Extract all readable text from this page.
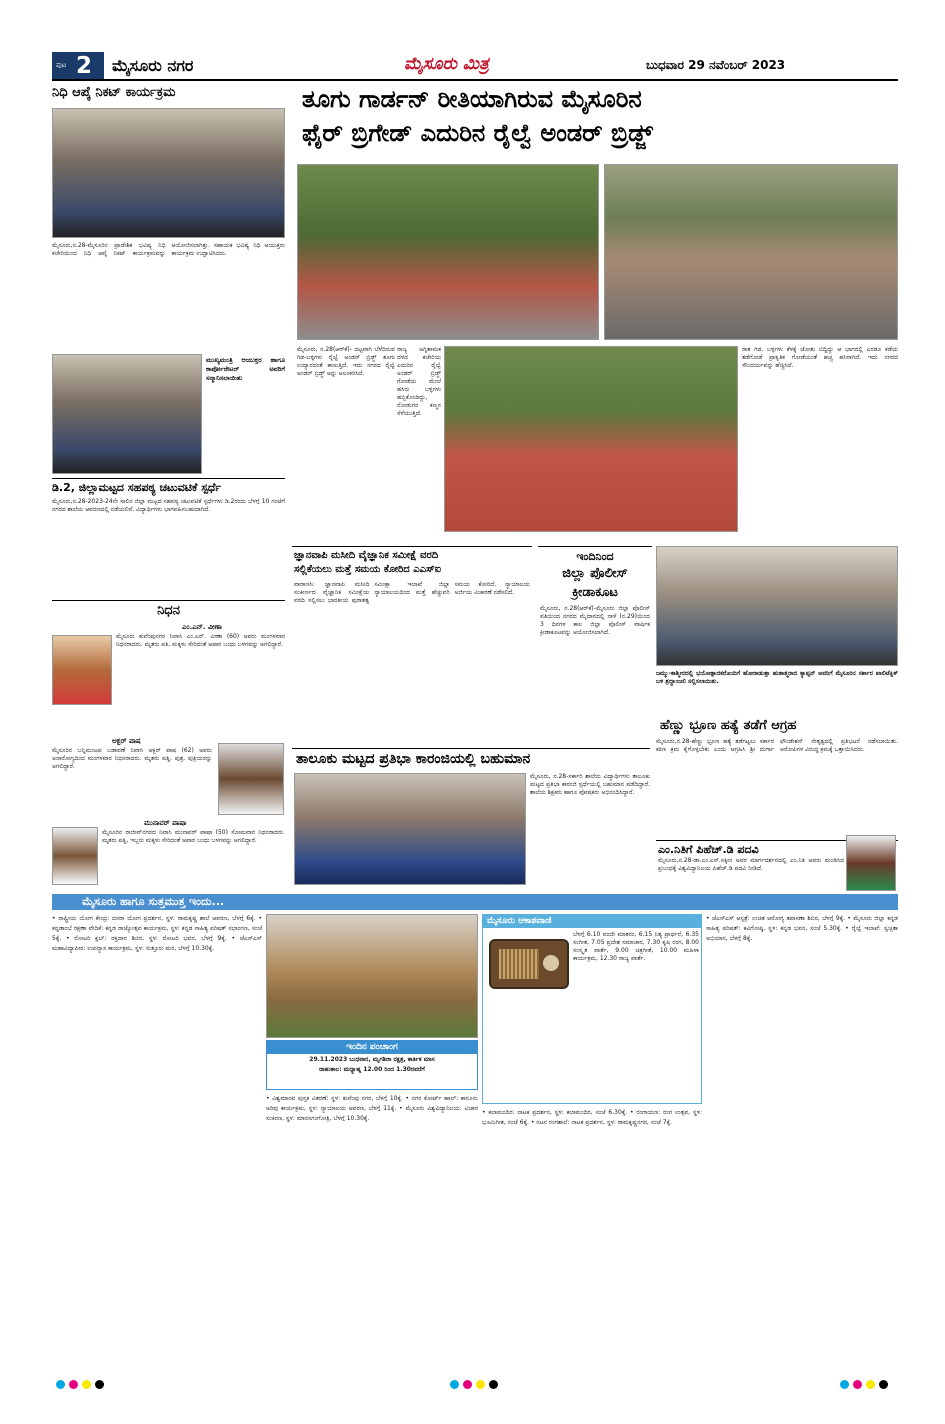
ಪುಟ 2 ಮೈಸೂರು ನಗರ	ಮೈಸೂರು ಮಿತ್ರ	ಬುಧವಾರ 29 ನವೆಂಬರ್ 2023
ನಿಧಿ ಆಪ್ಕೆ ನಿಕಟ್ ಕಾರ್ಯಕ್ರಮ
ಮೈಸೂರು,ನ.28-ಮೈಸೂರಿನ ಪ್ರಾದೇಶಿಕ ಭವಿಷ್ಯ ನಿಧಿ ಕಚೇರಿಯಿಂದ ನಿಧಿ ಆಪ್ಕೆ ನಿಕಟ್ ಕಾರ್ಯಕ್ರಮವನ್ನು ಆಯೋಜಿಸಲಾಗಿತ್ತು. ಸಹಾಯಕ ಭವಿಷ್ಯ ನಿಧಿ ಆಯುಕ್ತರು ಕಾರ್ಯಕ್ರಮ ಉದ್ಘಾಟಿಸಿದರು.
ಮುಖ್ಯಮಂತ್ರಿ ಆಯುಕ್ತರ ಹಾಗೂ ಕಾರ್ಪೋರೇಟರ್ ಅವರಿಗೆ ಸನ್ಮಾನಿಸಲಾಯಿತು
ಡಿ.2, ಜಿಲ್ಲಾಮಟ್ಟದ ಸಹಪಠ್ಯ ಚಟುವಟಿಕೆ ಸ್ಪರ್ಧೆ
ಮೈಸೂರು,ನ.28-2023-24ನೇ ಸಾಲಿನ ಜಿಲ್ಲಾ ಮಟ್ಟದ ಸಹಪಠ್ಯ ಚಟುವಟಿಕೆ ಸ್ಪರ್ಧೆಗಳು ಡಿ.2ರಂದು ಬೆಳಗ್ಗೆ 10 ಗಂಟೆಗೆ ನಗರದ ಶಾಲೆಯ ಆವರಣದಲ್ಲಿ ನಡೆಯಲಿವೆ. ವಿದ್ಯಾರ್ಥಿಗಳು ಭಾಗವಹಿಸಬಹುದಾಗಿದೆ.
ನಿಧನ
ಎಂ.ಎನ್. ವೀಣಾ
ಮೈಸೂರು ಕುವೆಂಪುನಗರ ನಿವಾಸಿ ಎಂ.ಎನ್. ವೀಣಾ (60) ಅವರು ಮಂಗಳವಾರ ನಿಧನರಾದರು. ಮೃತರು ಪತಿ, ಮಕ್ಕಳು ಸೇರಿದಂತೆ ಅಪಾರ ಬಂಧು ಬಳಗವನ್ನು ಅಗಲಿದ್ದಾರೆ.
ಅಕ್ಬರ್ ಪಾಷ
ಮೈಸೂರಿನ ಬನ್ನಿಮಂಟಪ ಬಡಾವಣೆ ನಿವಾಸಿ ಅಕ್ಬರ್ ಪಾಷ (62) ಅವರು ಅನಾರೋಗ್ಯದಿಂದ ಮಂಗಳವಾರ ನಿಧನರಾದರು. ಮೃತರು ಪತ್ನಿ, ಪುತ್ರ, ಪುತ್ರಿಯರನ್ನು ಅಗಲಿದ್ದಾರೆ.
ಮುನಾವರ್ ಪಾಷಾ
ಮೈಸೂರಿನ ರಾಜೀವ್‌ನಗರದ ನಿವಾಸಿ ಮುನಾವರ್ ಪಾಷಾ (50) ಸೋಮವಾರ ನಿಧನರಾದರು. ಮೃತರು ಪತ್ನಿ, ಇಬ್ಬರು ಮಕ್ಕಳು ಸೇರಿದಂತೆ ಅಪಾರ ಬಂಧು ಬಳಗವನ್ನು ಅಗಲಿದ್ದಾರೆ.
ತೂಗು ಗಾರ್ಡನ್ ರೀತಿಯಾಗಿರುವ ಮೈಸೂರಿನ
ಫೈರ್ ಬ್ರಿಗೇಡ್ ಎದುರಿನ ರೈಲ್ವೆ ಅಂಡರ್ ಬ್ರಿಡ್ಜ್
ಮೈಸೂರು, ನ.28(ಆರ್‌ಕೆ)- ದಟ್ಟವಾಗಿ ಬೆಳೆದಿರುವ ಗಿಡ-ಬಳ್ಳಿಗಳು ರೈಲ್ವೆ ಅಂಡರ್ ಬ್ರಿಡ್ಜ್ ತೂಗು ಉದ್ಯಾನದಂತೆ ಕಾಣುತ್ತಿದೆ. ಇದು ನಗರದ ರೈಲ್ವೆ ಅಂಡರ್ ಬ್ರಿಡ್ಜ್ ಅನ್ನು ಅಲಂಕರಿಸಿದೆ.
ರಾಜ್ಯ ಅಗ್ನಿಶಾಮಕ ದಳದ ಕಚೇರಿಯ ಎದುರಿನ ರೈಲ್ವೆ ಅಂಡರ್ ಬ್ರಿಡ್ಜ್ ಗೋಡೆಯ ಮೇಲೆ ಹಸಿರು ಬಳ್ಳಿಗಳು ಹಬ್ಬಿಕೊಂಡಿದ್ದು, ನೋಡುಗರ ಕಣ್ಮನ ಸೆಳೆಯುತ್ತಿದೆ.
ರಾತ ಗಿಡ, ಬಳ್ಳಿಗಳು ಕೆಳಕ್ಕೆ ಜೋತು ಬಿದ್ದಿದ್ದು ಆ ಭಾಗದಲ್ಲಿ ಎರಡೂ ಕಡೆಯ ತಡೆಗೋಡೆ ಪ್ರಾಕೃತಿಕ ಗೋಡೆಯಂತೆ ಹಚ್ಚ ಹಸಿರಾಗಿದೆ. ಇದು ನಗರದ ಸೌಂದರ್ಯವನ್ನು ಹೆಚ್ಚಿಸಿದೆ.
ಜ್ಞಾನವಾಪಿ ಮಸೀದಿ ವೈಜ್ಞಾನಿಕ ಸಮೀಕ್ಷೆ ವರದಿ
ಸಲ್ಲಿಕೆಯಲು ಮತ್ತೆ ಸಮಯ ಕೋರಿದ ಎಎಸ್‌ಐ
ವಾರಾಣಸಿ: ಜ್ಞಾನವಾಪಿ ಮಸೀದಿ ಸಂಕೀರ್ಣದ ವೈಜ್ಞಾನಿಕ ಸಮೀಕ್ಷೆಯ ವರದಿ ಸಲ್ಲಿಸಲು ಭಾರತೀಯ ಪುರಾತತ್ವ ಸಮೀಕ್ಷಾ ಇಲಾಖೆ ಜಿಲ್ಲಾ ನ್ಯಾಯಾಲಯದಿಂದ ಮತ್ತೆ ಹೆಚ್ಚುವರಿ ಸಮಯ ಕೋರಿದೆ. ನ್ಯಾಯಾಲಯ ಅರ್ಜಿಯ ವಿಚಾರಣೆ ನಡೆಸಲಿದೆ.
ಇಂದಿನಿಂದ
ಜಿಲ್ಲಾ ಪೊಲೀಸ್
ಕ್ರೀಡಾಕೂಟ
ಮೈಸೂರು, ನ.28(ಆರ್‌ಕೆ)-ಮೈಸೂರು ಜಿಲ್ಲಾ ಪೊಲೀಸ್ ವತಿಯಿಂದ ನಗರದ ಮೈದಾನದಲ್ಲಿ ನಾಳೆ (ನ.29)ಯಿಂದ 3 ದಿನಗಳ ಕಾಲ ಜಿಲ್ಲಾ ಪೊಲೀಸ್ ವಾರ್ಷಿಕ ಕ್ರೀಡಾಕೂಟವನ್ನು ಆಯೋಜಿಸಲಾಗಿದೆ.
ಜಮ್ಮು-ಕಾಶ್ಮೀರದಲ್ಲಿ ಭಯೋತ್ಪಾದಕರೊಂದಿಗೆ ಹೋರಾಡುತ್ತಾ ಹುತಾತ್ಮರಾದ ಕ್ಯಾಪ್ಟನ್ ಅವರಿಗೆ ಮೈಸೂರಿನ ಸರ್ಕಾರ ಪಾಲಿಟೆಕ್ನಿಕ್ ಬಳಿ ಶ್ರದ್ಧಾಂಜಲಿ ಸಲ್ಲಿಸಲಾಯಿತು.
ಹೆಣ್ಣು ಭ್ರೂಣ ಹತ್ಯೆ ತಡೆಗೆ ಆಗ್ರಹ
ಮೈಸೂರು,ನ.28-ಹೆಣ್ಣು ಭ್ರೂಣ ಹತ್ಯೆ ತಡೆಗಟ್ಟಲು ಸರ್ಕಾರ ಕಠಿಣ ಕ್ರಮ ಕೈಗೊಳ್ಳಬೇಕು ಎಂದು ಆಗ್ರಹಿಸಿ ಶ್ರೀ ದುರ್ಗಾ ಫೌಂಡೇಶನ್ ನೇತೃತ್ವದಲ್ಲಿ ಪ್ರತಿಭಟನೆ ನಡೆಸಲಾಯಿತು. ಆರೋಪಿಗಳ ವಿರುದ್ಧ ಕ್ರಮಕ್ಕೆ ಒತ್ತಾಯಿಸಿದರು.
ತಾಲೂಕು ಮಟ್ಟದ ಪ್ರತಿಭಾ ಕಾರಂಜಿಯಲ್ಲಿ ಬಹುಮಾನ
ಮೈಸೂರು, ನ.28-ಸರ್ಕಾರಿ ಶಾಲೆಯ ವಿದ್ಯಾರ್ಥಿಗಳು ತಾಲೂಕು ಮಟ್ಟದ ಪ್ರತಿಭಾ ಕಾರಂಜಿ ಸ್ಪರ್ಧೆಯಲ್ಲಿ ಬಹುಮಾನ ಪಡೆದಿದ್ದಾರೆ. ಶಾಲೆಯ ಶಿಕ್ಷಕರು ಹಾಗೂ ಪೋಷಕರು ಅಭಿನಂದಿಸಿದ್ದಾರೆ.
ಎಂ.ನಿತಿಗೆ ಪಿಹೆಚ್.ಡಿ ಪದವಿ
ಮೈಸೂರು,ನ.28-ಡಾ.ಎಂ.ಎಸ್.ಸಕ್ಕೀನ ಅವರ ಮಾರ್ಗದರ್ಶನದಲ್ಲಿ ಎಂ.ನಿತಿ ಅವರು ಮಂಡಿಸಿದ ಪ್ರಬಂಧಕ್ಕೆ ವಿಶ್ವವಿದ್ಯಾನಿಲಯ ಪಿಹೆಚ್.ಡಿ ಪದವಿ ನೀಡಿದೆ.
ಮೈಸೂರು ಹಾಗೂ ಸುತ್ತಮುತ್ತ ಇಂದು...
• ರಾಷ್ಟ್ರೀಯ ಯೋಗ ಕೇಂದ್ರ: ದಸರಾ ಯೋಗ ಪ್ರದರ್ಶನ, ಸ್ಥಳ: ರಾಮಕೃಷ್ಣ ಶಾಲೆ ಆವರಣ, ಬೆಳಗ್ಗೆ 6ಕ್ಕೆ. • ಕನ್ನಡಾಂಬೆ ರಕ್ಷಣಾ ವೇದಿಕೆ: ಕನ್ನಡ ರಾಜ್ಯೋತ್ಸವ ಕಾರ್ಯಕ್ರಮ, ಸ್ಥಳ: ಕನ್ನಡ ಸಾಹಿತ್ಯ ಪರಿಷತ್ ಸಭಾಂಗಣ, ಸಂಜೆ 5ಕ್ಕೆ. • ರೋಟರಿ ಕ್ಲಬ್: ರಕ್ತದಾನ ಶಿಬಿರ, ಸ್ಥಳ: ರೋಟರಿ ಭವನ, ಬೆಳಗ್ಗೆ 9ಕ್ಕೆ. • ಜೆಎಸ್‌ಎಸ್ ಮಹಾವಿದ್ಯಾಪೀಠ: ಉಪನ್ಯಾಸ ಕಾರ್ಯಕ್ರಮ, ಸ್ಥಳ: ಸುತ್ತೂರು ಮಠ, ಬೆಳಗ್ಗೆ 10.30ಕ್ಕೆ.
ಇಂದಿನ ಪಂಚಾಂಗ
29.11.2023 ಬುಧವಾರ, ಮೃಗಶಿರಾ ನಕ್ಷತ್ರ, ಕಾರ್ತಿಕ ಮಾಸ
ರಾಹುಕಾಲ: ಮಧ್ಯಾಹ್ನ 12.00 ರಿಂದ 1.30ರವರೆಗೆ
• ವಿಶ್ವಮಾನವ ಪುಸ್ತಕ ವಿತರಣೆ: ಸ್ಥಳ: ಕುವೆಂಪು ನಗರ, ಬೆಳಗ್ಗೆ 10ಕ್ಕೆ. • ನಗರ ಕೋರ್ಟ್ ಹಾಲ್: ಕಾನೂನು ಅರಿವು ಕಾರ್ಯಕ್ರಮ, ಸ್ಥಳ: ನ್ಯಾಯಾಲಯ ಆವರಣ, ಬೆಳಗ್ಗೆ 11ಕ್ಕೆ. • ಮೈಸೂರು ವಿಶ್ವವಿದ್ಯಾನಿಲಯ: ವಿಚಾರ ಸಂಕಿರಣ, ಸ್ಥಳ: ಮಾನಸಗಂಗೋತ್ರಿ, ಬೆಳಗ್ಗೆ 10.30ಕ್ಕೆ.
ಮೈಸೂರು ಆಕಾಶವಾಣಿ
ಬೆಳಗ್ಗೆ 6.10 ವಂದೇ ಮಾತರಂ, 6.15 ನಿತ್ಯ ಪ್ರಾರ್ಥನೆ, 6.35 ಸಂಗೀತ, 7.05 ಪ್ರದೇಶ ಸಮಾಚಾರ, 7.30 ಕೃಷಿ ರಂಗ, 8.00 ಸಂಸ್ಕೃತ ವಾರ್ತೆ, 9.00 ಚಿತ್ರಗೀತೆ, 10.00 ಮಹಿಳಾ ಕಾರ್ಯಕ್ರಮ, 12.30 ರಾಜ್ಯ ವಾರ್ತೆ.
• ಕಲಾಮಂದಿರ: ನಾಟಕ ಪ್ರದರ್ಶನ, ಸ್ಥಳ: ಕಲಾಮಂದಿರ, ಸಂಜೆ 6.30ಕ್ಕೆ. • ರಂಗಾಯಣ: ರಂಗ ಉತ್ಸವ, ಸ್ಥಳ: ಭೂಮಿಗೀತ, ಸಂಜೆ 6ಕ್ಕೆ. • ನಟನ ರಂಗಶಾಲೆ: ನಾಟಕ ಪ್ರದರ್ಶನ, ಸ್ಥಳ: ರಾಮಕೃಷ್ಣನಗರ, ಸಂಜೆ 7ಕ್ಕೆ.
• ಜೆಎಸ್‌ಎಸ್ ಆಸ್ಪತ್ರೆ: ಉಚಿತ ಆರೋಗ್ಯ ತಪಾಸಣಾ ಶಿಬಿರ, ಬೆಳಗ್ಗೆ 9ಕ್ಕೆ. • ಮೈಸೂರು ಜಿಲ್ಲಾ ಕನ್ನಡ ಸಾಹಿತ್ಯ ಪರಿಷತ್: ಕವಿಗೋಷ್ಠಿ, ಸ್ಥಳ: ಕನ್ನಡ ಭವನ, ಸಂಜೆ 5.30ಕ್ಕೆ. • ರೈಲ್ವೆ ಇಲಾಖೆ: ಸ್ವಚ್ಛತಾ ಅಭಿಯಾನ, ಬೆಳಗ್ಗೆ 8ಕ್ಕೆ.
